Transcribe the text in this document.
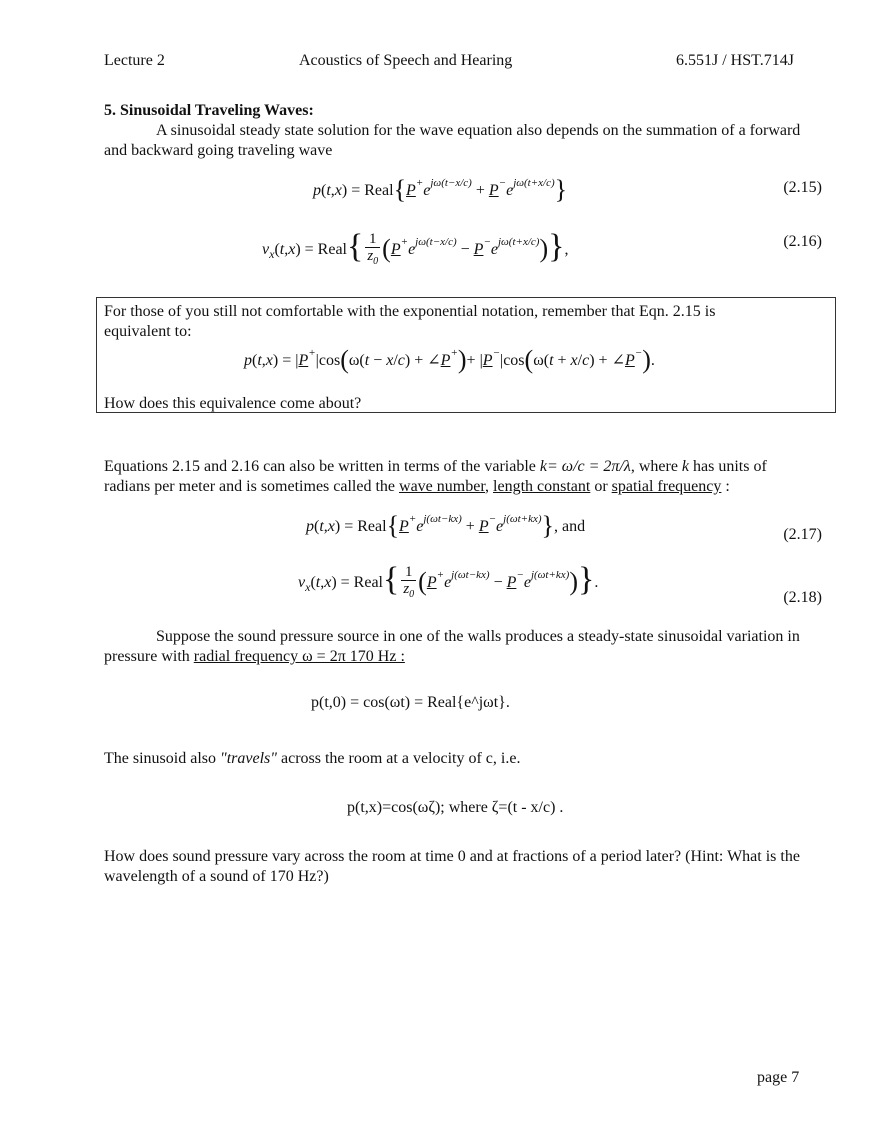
Lecture 2	Acoustics of Speech and Hearing	6.551J / HST.714J
5. Sinusoidal Traveling Waves:
A sinusoidal steady state solution for the wave equation also depends on the summation of a forward and backward going traveling wave
$p(t,x) = Real\{P^+e^{j\omega(t-x/c)} + P^-e^{j\omega(t+x/c)}\}$	(2.15)
$v_x(t,x)$ = Real{ $\frac{1}{z_0} (P^+e^{j\omega(t-x/c)} - P^-e^{j\omega(t+x/c)})$},	(2.16)
For those of you still not comfortable with the exponential notation, remember that Eqn. 2.15 is equivalent to:
p(t,x) = |P+|cos(ω(t − x/c) + ∠P+)+ |P−|cos(ω(t + x/c) + ∠P−).
How does this equivalence come about?
Equations 2.15 and 2.16 can also be written in terms of the variable k= ω/c = 2π/λ, where k has units of radians per meter and is sometimes called the wave number, length constant or spatial frequency :
$p(t,x) = Real\{P^+e^{j(\omega t-kx)} + P^-e^{j(\omega t+kx)}\}$, and	(2.17)
$v_x(t,x)$ = Real{ $\frac{1}{z_0} (P^+e^{j(\omega t-kx)} - P^-e^{j(\omega t+kx)})$}.
(2.18)
Suppose the sound pressure source in one of the walls produces a steady-state sinusoidal variation in pressure with radial frequency ω = 2π 170 Hz :
p(t,0) = cos(ωt) = Real{e^jωt}.
The sinusoid also "travels" across the room at a velocity of c, i.e.
p(t,x)=cos(ωζ); where ζ=(t - x/c) .
How does sound pressure vary across the room at time 0 and at fractions of a period later? (Hint: What is the wavelength of a sound of 170 Hz?)
page 7
